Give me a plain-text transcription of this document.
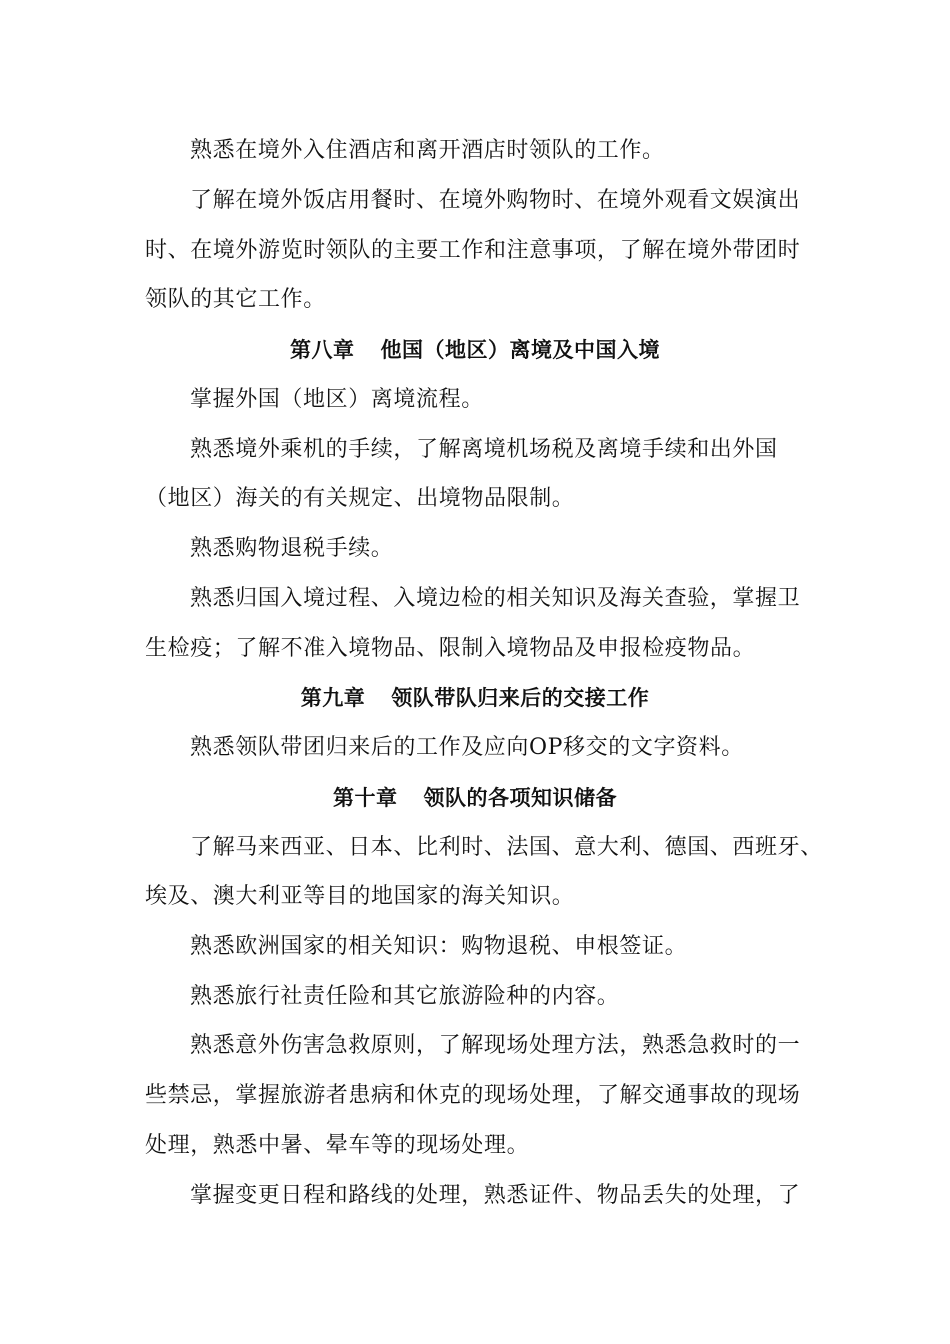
熟悉在境外入住酒店和离开酒店时领队的工作。
了解在境外饭店用餐时、在境外购物时、在境外观看文娱演出
时、在境外游览时领队的主要工作和注意事项，了解在境外带团时
领队的其它工作。
第八章 他国（地区）离境及中国入境
掌握外国（地区）离境流程。
熟悉境外乘机的手续，了解离境机场税及离境手续和出外国
（地区）海关的有关规定、出境物品限制。
熟悉购物退税手续。
熟悉归国入境过程、入境边检的相关知识及海关查验，掌握卫
生检疫；了解不准入境物品、限制入境物品及申报检疫物品。
第九章 领队带队归来后的交接工作
熟悉领队带团归来后的工作及应向OP移交的文字资料。
第十章 领队的各项知识储备
了解马来西亚、日本、比利时、法国、意大利、德国、西班牙、
埃及、澳大利亚等目的地国家的海关知识。
熟悉欧洲国家的相关知识：购物退税、申根签证。
熟悉旅行社责任险和其它旅游险种的内容。
熟悉意外伤害急救原则，了解现场处理方法，熟悉急救时的一
些禁忌，掌握旅游者患病和休克的现场处理，了解交通事故的现场
处理，熟悉中暑、晕车等的现场处理。
掌握变更日程和路线的处理，熟悉证件、物品丢失的处理，了
